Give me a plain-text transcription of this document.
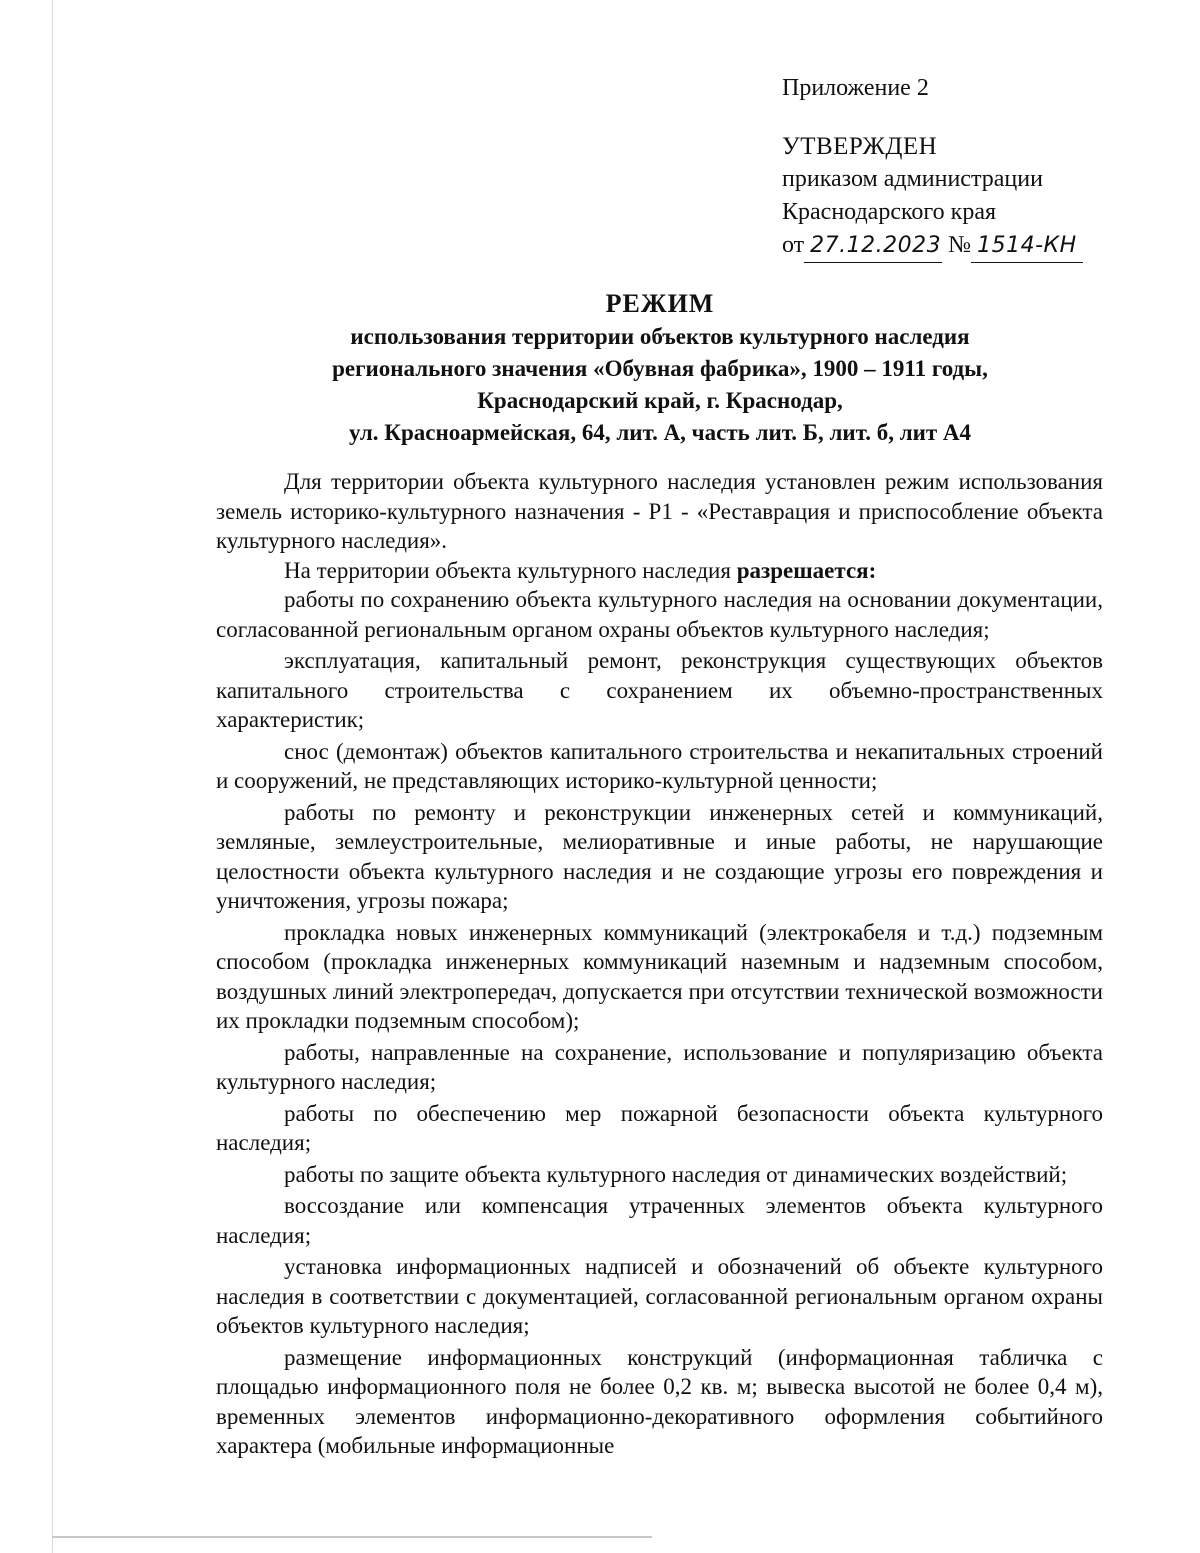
Приложение 2
УТВЕРЖДЕН
приказом администрации
Краснодарского края
от 27.12.2023 № 1514-КН
РЕЖИМ
использования территории объектов культурного наследия
регионального значения «Обувная фабрика», 1900 – 1911 годы,
Краснодарский край, г. Краснодар,
ул. Красноармейская, 64, лит. А, часть лит. Б, лит. б, лит А4

Для территории объекта культурного наследия установлен режим использования земель историко-культурного назначения - Р1 - «Реставрация и приспособление объекта культурного наследия».

На территории объекта культурного наследия разрешается:

работы по сохранению объекта культурного наследия на основании документации, согласованной региональным органом охраны объектов культурного наследия;

эксплуатация, капитальный ремонт, реконструкция существующих объектов капитального строительства с сохранением их объемно-пространственных характеристик;

снос (демонтаж) объектов капитального строительства и некапитальных строений и сооружений, не представляющих историко-культурной ценности;

работы по ремонту и реконструкции инженерных сетей и коммуникаций, земляные, землеустроительные, мелиоративные и иные работы, не нарушающие целостности объекта культурного наследия и не создающие угрозы его повреждения и уничтожения, угрозы пожара;

прокладка новых инженерных коммуникаций (электрокабеля и т.д.) подземным способом (прокладка инженерных коммуникаций наземным и надземным способом, воздушных линий электропередач, допускается при отсутствии технической возможности их прокладки подземным способом);

работы, направленные на сохранение, использование и популяризацию объекта культурного наследия;

работы по обеспечению мер пожарной безопасности объекта культурного наследия;

работы по защите объекта культурного наследия от динамических воздействий;

воссоздание или компенсация утраченных элементов объекта культурного наследия;

установка информационных надписей и обозначений об объекте культурного наследия в соответствии с документацией, согласованной региональным органом охраны объектов культурного наследия;

размещение информационных конструкций (информационная табличка с площадью информационного поля не более 0,2 кв. м; вывеска высотой не более 0,4 м), временных элементов информационно-декоративного оформления событийного характера (мобильные информационные
